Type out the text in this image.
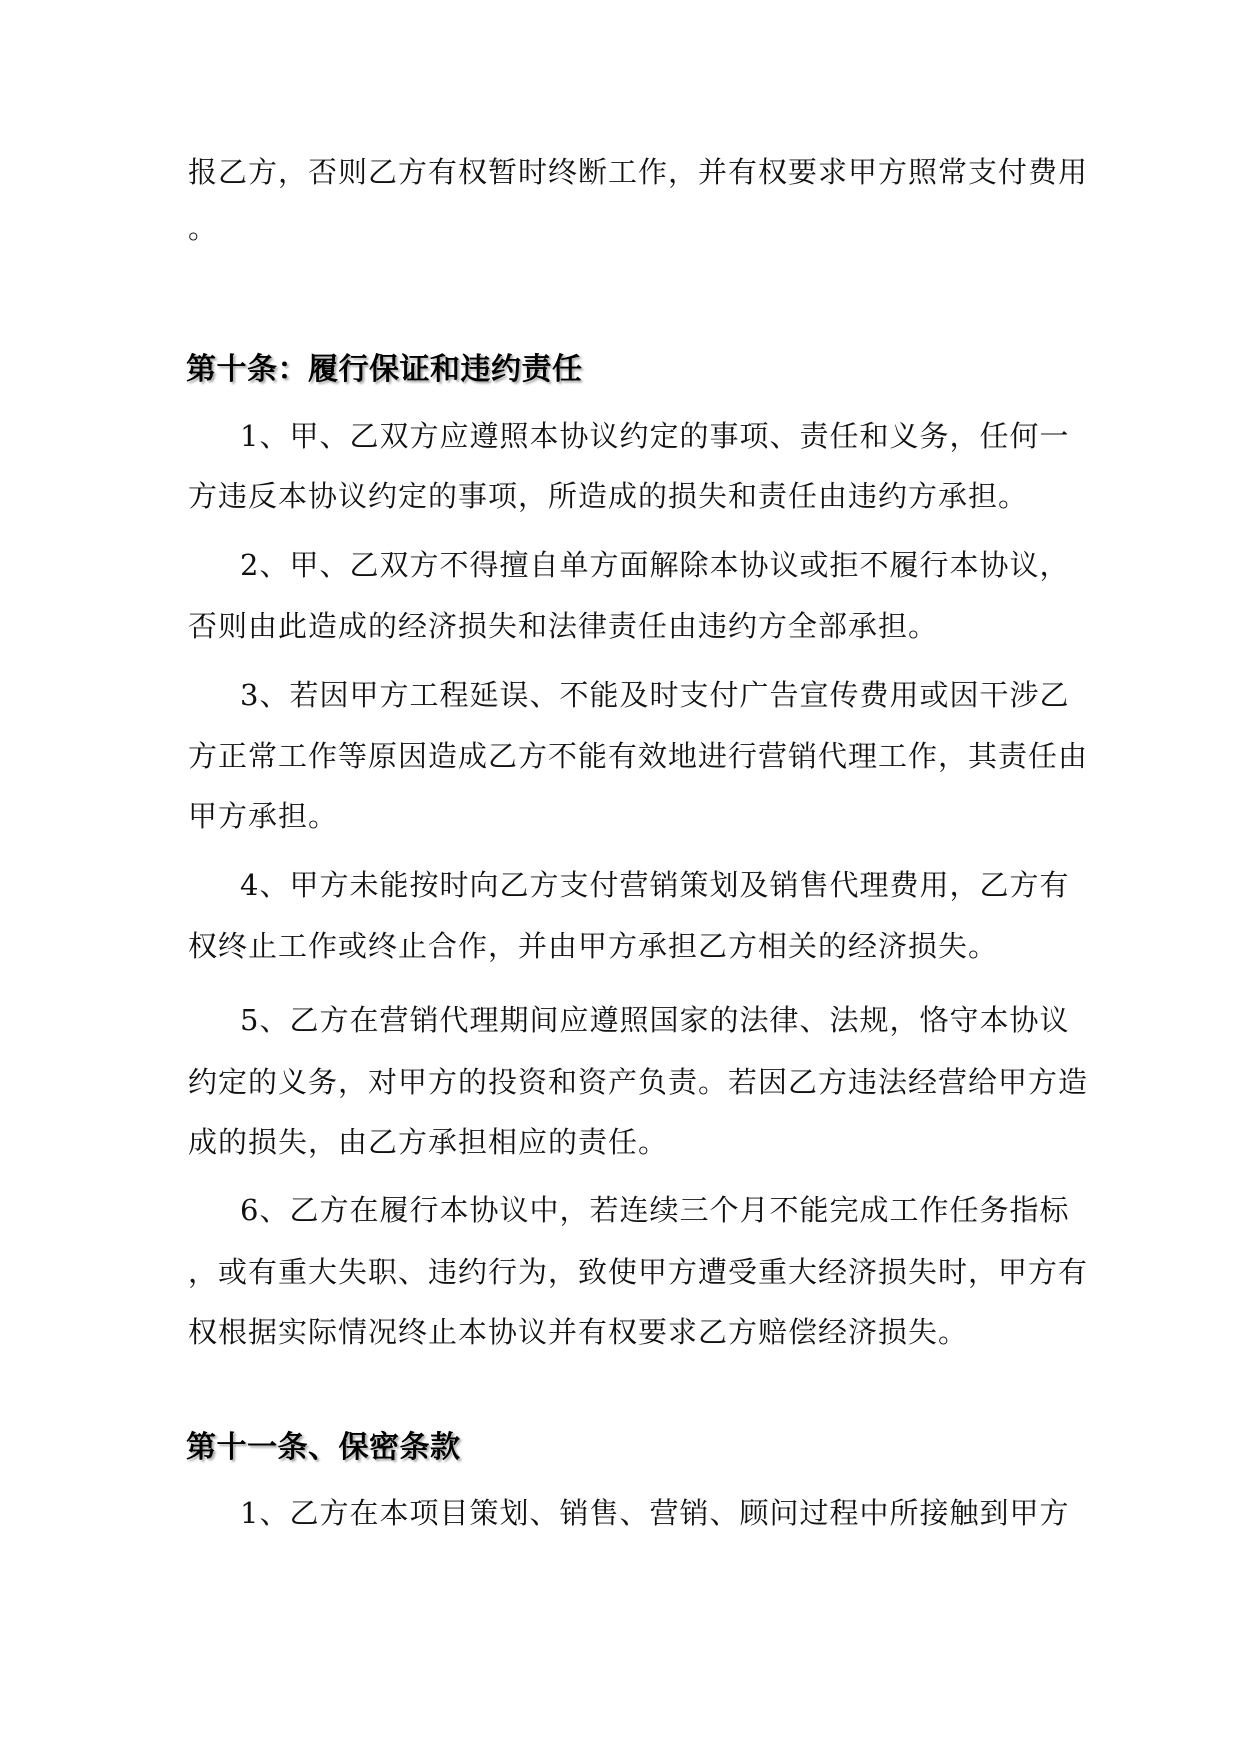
报乙方，否则乙方有权暂时终断工作，并有权要求甲方照常支付费用
。
第十条：履行保证和违约责任
1、甲、乙双方应遵照本协议约定的事项、责任和义务，任何一
方违反本协议约定的事项，所造成的损失和责任由违约方承担。
2、甲、乙双方不得擅自单方面解除本协议或拒不履行本协议，
否则由此造成的经济损失和法律责任由违约方全部承担。
3、若因甲方工程延误、不能及时支付广告宣传费用或因干涉乙
方正常工作等原因造成乙方不能有效地进行营销代理工作，其责任由
甲方承担。
4、甲方未能按时向乙方支付营销策划及销售代理费用，乙方有
权终止工作或终止合作，并由甲方承担乙方相关的经济损失。
5、乙方在营销代理期间应遵照国家的法律、法规，恪守本协议
约定的义务，对甲方的投资和资产负责。若因乙方违法经营给甲方造
成的损失，由乙方承担相应的责任。
6、乙方在履行本协议中，若连续三个月不能完成工作任务指标
，或有重大失职、违约行为，致使甲方遭受重大经济损失时，甲方有
权根据实际情况终止本协议并有权要求乙方赔偿经济损失。
第十一条、保密条款
1、乙方在本项目策划、销售、营销、顾问过程中所接触到甲方
